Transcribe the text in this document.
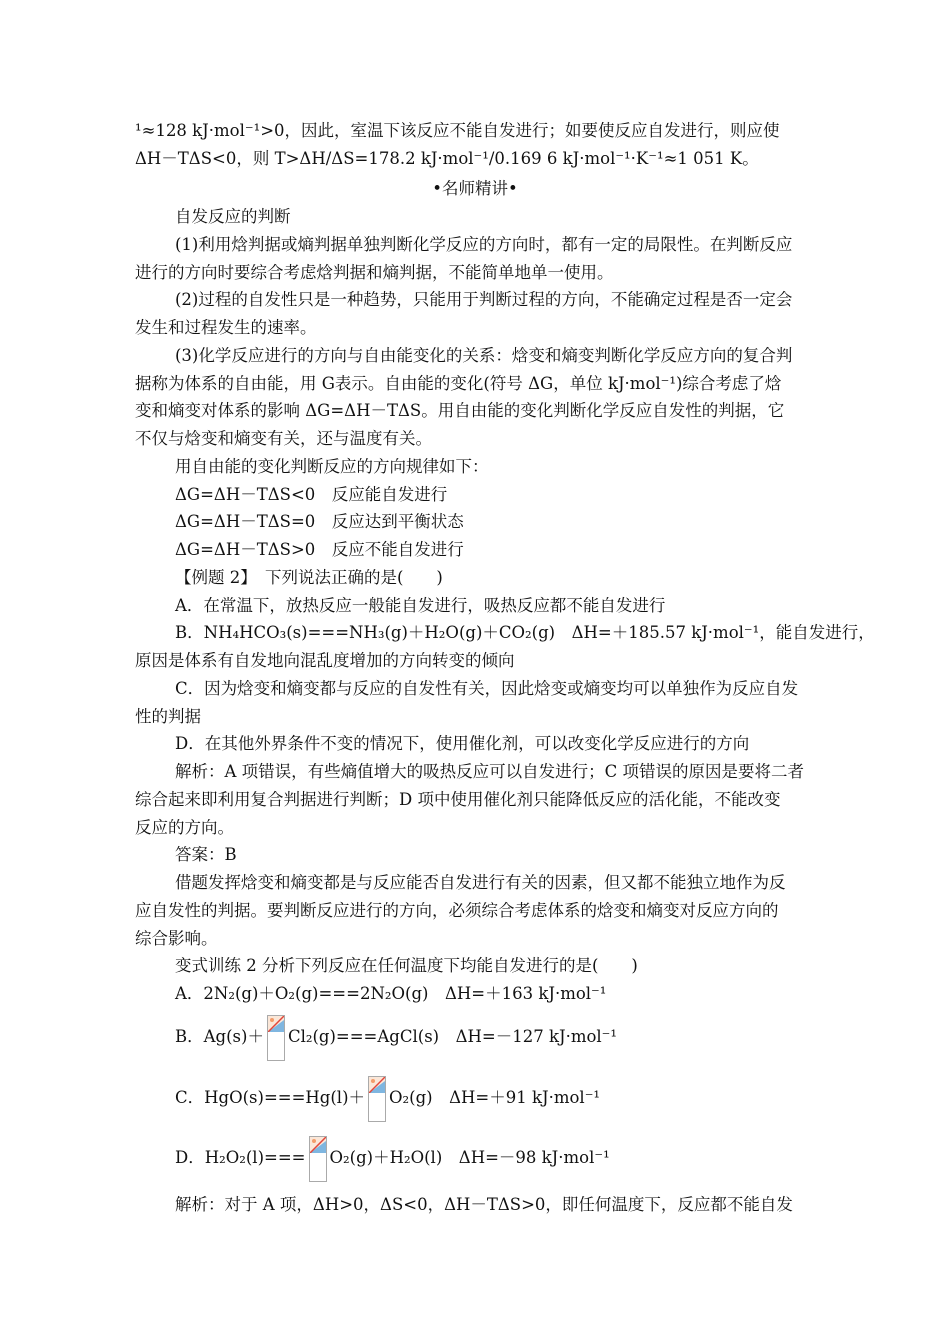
¹≈128 kJ·mol⁻¹>0，因此，室温下该反应不能自发进行；如要使反应自发进行，则应使
ΔH－TΔS<0，则 T>ΔH/ΔS=178.2 kJ·mol⁻¹/0.169 6 kJ·mol⁻¹·K⁻¹≈1 051 K。
•名师精讲•
自发反应的判断
(1)利用焓判据或熵判据单独判断化学反应的方向时，都有一定的局限性。在判断反应
进行的方向时要综合考虑焓判据和熵判据，不能简单地单一使用。
(2)过程的自发性只是一种趋势，只能用于判断过程的方向，不能确定过程是否一定会
发生和过程发生的速率。
(3)化学反应进行的方向与自由能变化的关系：焓变和熵变判断化学反应方向的复合判
据称为体系的自由能，用 G表示。自由能的变化(符号 ΔG，单位 kJ·mol⁻¹)综合考虑了焓
变和熵变对体系的影响 ΔG=ΔH－TΔS。用自由能的变化判断化学反应自发性的判据，它
不仅与焓变和熵变有关，还与温度有关。
用自由能的变化判断反应的方向规律如下：
ΔG=ΔH－TΔS<0　反应能自发进行
ΔG=ΔH－TΔS=0　反应达到平衡状态
ΔG=ΔH－TΔS>0　反应不能自发进行
【例题 2】　下列说法正确的是(　　)
A．在常温下，放热反应一般能自发进行，吸热反应都不能自发进行
B．NH₄HCO₃(s)===NH₃(g)＋H₂O(g)＋CO₂(g)　ΔH=＋185.57 kJ·mol⁻¹，能自发进行，
原因是体系有自发地向混乱度增加的方向转变的倾向
C．因为焓变和熵变都与反应的自发性有关，因此焓变或熵变均可以单独作为反应自发
性的判据
D．在其他外界条件不变的情况下，使用催化剂，可以改变化学反应进行的方向
解析：A 项错误，有些熵值增大的吸热反应可以自发进行；C 项错误的原因是要将二者
综合起来即利用复合判据进行判断；D 项中使用催化剂只能降低反应的活化能，不能改变
反应的方向。
答案：B
借题发挥焓变和熵变都是与反应能否自发进行有关的因素，但又都不能独立地作为反
应自发性的判据。要判断反应进行的方向，必须综合考虑体系的焓变和熵变对反应方向的
综合影响。
变式训练 2 分析下列反应在任何温度下均能自发进行的是(　　)
A．2N₂(g)＋O₂(g)===2N₂O(g)　ΔH=＋163 kJ·mol⁻¹
B．Ag(s)＋ Cl₂(g)===AgCl(s)　ΔH=－127 kJ·mol⁻¹
C．HgO(s)===Hg(l)＋ O₂(g)　ΔH=＋91 kJ·mol⁻¹
D．H₂O₂(l)=== O₂(g)＋H₂O(l)　ΔH=－98 kJ·mol⁻¹
解析：对于 A 项，ΔH>0，ΔS<0，ΔH－TΔS>0，即任何温度下，反应都不能自发
